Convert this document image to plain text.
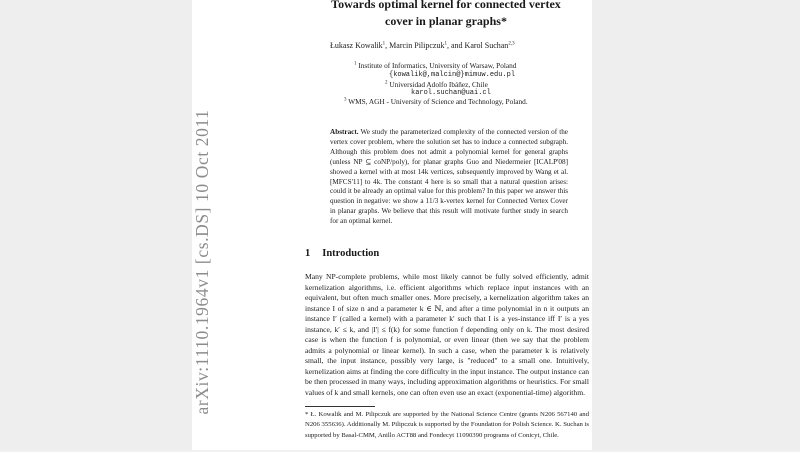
arXiv:1110.1964v1 [cs.DS] 10 Oct 2011
Towards optimal kernel for connected vertex cover in planar graphs*
Łukasz Kowalik$^1$, Marcin Pilipczuk$^1$, and Karol Suchan$^{2,3}$
$^1$ Institute of Informatics, University of Warsaw, Poland
{kowalik@,malcin@}mimuw.edu.pl
$^2$ Universidad Adolfo Ibáñez, Chile
karol.suchan@uai.cl
$^3$ WMS, AGH - University of Science and Technology, Poland.
Abstract. We study the parameterized complexity of the connected version of the vertex cover problem, where the solution set has to induce a connected subgraph. Although this problem does not admit a polynomial kernel for general graphs (unless NP ⊆ coNP/poly), for planar graphs Guo and Niedermeier [ICALP'08] showed a kernel with at most 14k vertices, subsequently improved by Wang et al. [MFCS'11] to 4k. The constant 4 here is so small that a natural question arises: could it be already an optimal value for this problem? In this paper we answer this question in negative: we show a 11/3 k-vertex kernel for Connected Vertex Cover in planar graphs. We believe that this result will motivate further study in search for an optimal kernel.
1 Introduction
Many NP-complete problems, while most likely cannot be fully solved efficiently, admit kernelization algorithms, i.e. efficient algorithms which replace input instances with an equivalent, but often much smaller ones. More precisely, a kernelization algorithm takes an instance I of size n and a parameter k ∈ ℕ, and after a time polynomial in n it outputs an instance I′ (called a kernel) with a parameter k′ such that I is a yes-instance iff I′ is a yes instance, k′ ≤ k, and |I′| ≤ f(k) for some function f depending only on k. The most desired case is when the function f is polynomial, or even linear (then we say that the problem admits a polynomial or linear kernel). In such a case, when the parameter k is relatively small, the input instance, possibly very large, is "reduced" to a small one. Intuitively, kernelization aims at finding the core difficulty in the input instance. The output instance can be then processed in many ways, including approximation algorithms or heuristics. For small values of k and small kernels, one can often even use an exact (exponential-time) algorithm.
* Ł. Kowalik and M. Pilipczuk are supported by the National Science Centre (grants N206 567140 and N206 355636). Additionally M. Pilipczuk is supported by the Foundation for Polish Science. K. Suchan is supported by Basal-CMM, Anillo ACT88 and Fondecyt 11090390 programs of Conicyt, Chile.
